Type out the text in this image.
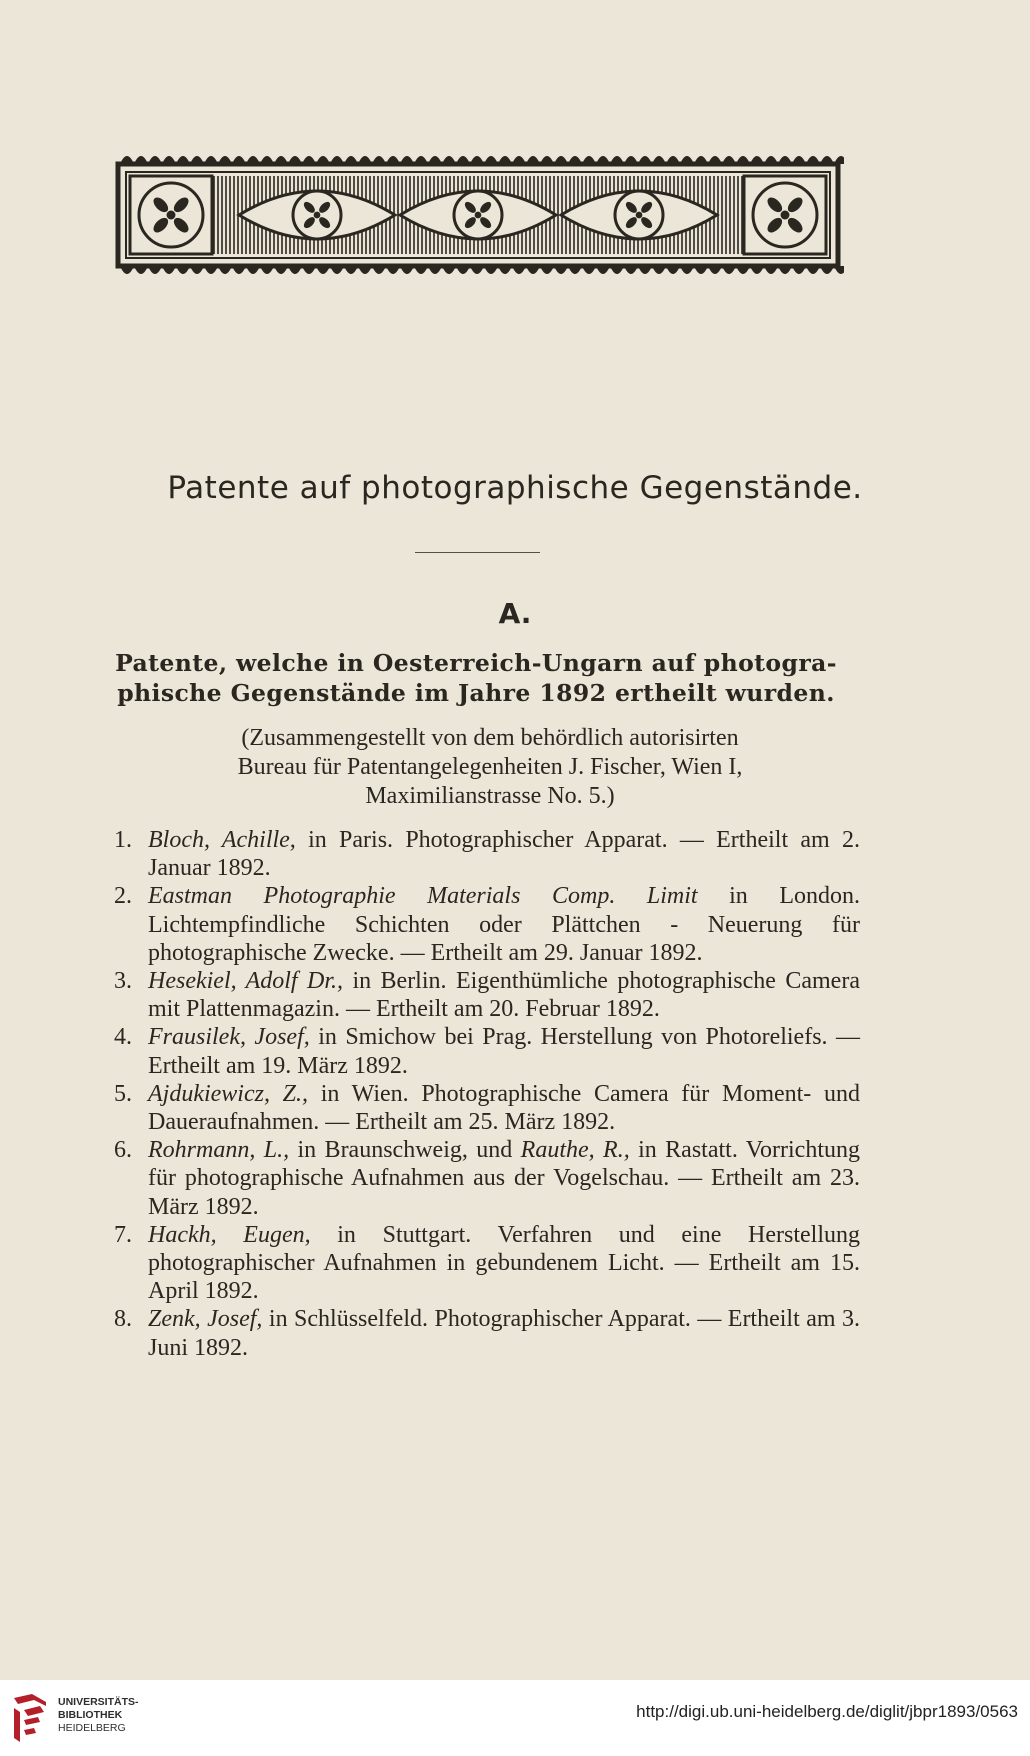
Patente auf photographische Gegenstände.
A.
Patente, welche in Oesterreich-Ungarn auf photogra-
phische Gegenstände im Jahre 1892 ertheilt wurden.
(Zusammengestellt von dem behördlich autorisirten
Bureau für Patentangelegenheiten J. Fischer, Wien I,
Maximilianstrasse No. 5.)
1. Bloch, Achille, in Paris. Photographischer Apparat. — Ertheilt am 2. Januar 1892.
2. Eastman Photographie Materials Comp. Limit in London. Lichtempfindliche Schichten oder Plättchen - Neuerung für photographische Zwecke. — Ertheilt am 29. Januar 1892.
3. Hesekiel, Adolf Dr., in Berlin. Eigenthümliche photographische Camera mit Plattenmagazin. — Ertheilt am 20. Februar 1892.
4. Frausilek, Josef, in Smichow bei Prag. Herstellung von Photoreliefs. — Ertheilt am 19. März 1892.
5. Ajdukiewicz, Z., in Wien. Photographische Camera für Moment- und Daueraufnahmen. — Ertheilt am 25. März 1892.
6. Rohrmann, L., in Braunschweig, und Rauthe, R., in Rastatt. Vorrichtung für photographische Aufnahmen aus der Vogelschau. — Ertheilt am 23. März 1892.
7. Hackh, Eugen, in Stuttgart. Verfahren und eine Herstellung photographischer Aufnahmen in gebundenem Licht. — Ertheilt am 15. April 1892.
8. Zenk, Josef, in Schlüsselfeld. Photographischer Apparat. — Ertheilt am 3. Juni 1892.
UNIVERSITÄTS-
BIBLIOTHEK
HEIDELBERG
http://digi.ub.uni-heidelberg.de/diglit/jbpr1893/0563
